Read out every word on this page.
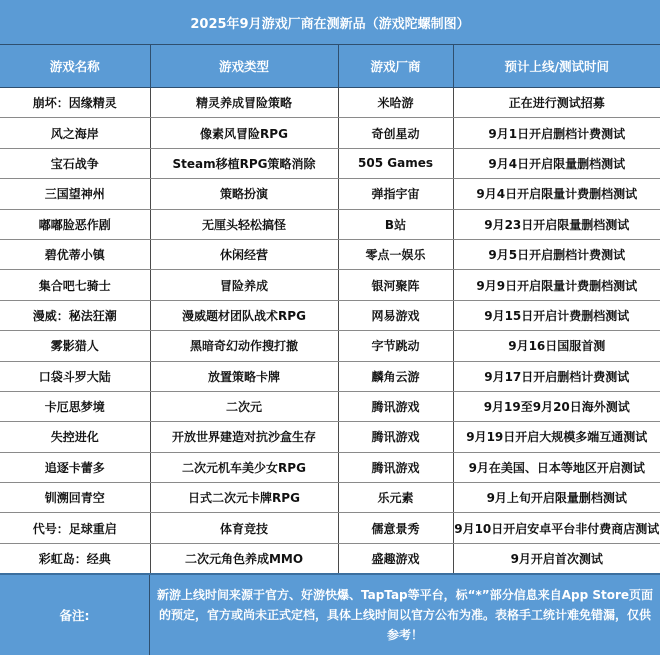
2025年9月游戏厂商在测新品（游戏陀螺制图）
游戏名称	游戏类型	游戏厂商	预计上线/测试时间
崩坏：因缘精灵	精灵养成冒险策略	米哈游	正在进行测试招募
风之海岸	像素风冒险RPG	奇创星动	9月1日开启删档计费测试
宝石战争	Steam移植RPG策略消除	505 Games	9月4日开启限量删档测试
三国望神州	策略扮演	弹指宇宙	9月4日开启限量计费删档测试
嘟嘟脸恶作剧	无厘头轻松搞怪	B站	9月23日开启限量删档测试
碧优蒂小镇	休闲经营	零点一娱乐	9月5日开启删档计费测试
集合吧七骑士	冒险养成	银河聚阵	9月9日开启限量计费删档测试
漫威：秘法狂潮	漫威题材团队战术RPG	网易游戏	9月15日开启计费删档测试
雾影猎人	黑暗奇幻动作搜打撤	字节跳动	9月16日国服首测
口袋斗罗大陆	放置策略卡牌	麟角云游	9月17日开启删档计费测试
卡厄思梦境	二次元	腾讯游戏	9月19至9月20日海外测试
失控进化	开放世界建造对抗沙盒生存	腾讯游戏	9月19日开启大规模多端互通测试
追逐卡蕾多	二次元机车美少女RPG	腾讯游戏	9月在美国、日本等地区开启测试
钏溯回青空	日式二次元卡牌RPG	乐元素	9月上旬开启限量删档测试
代号：足球重启	体育竞技	儒意景秀	9月10日开启安卓平台非付费商店测试
彩虹岛：经典	二次元角色养成MMO	盛趣游戏	9月开启首次测试
备注:
新游上线时间来源于官方、好游快爆、TapTap等平台，标“*”部分信息来自App Store页面的预定，官方或尚未正式定档，具体上线时间以官方公布为准。表格手工统计难免错漏，仅供参考！
